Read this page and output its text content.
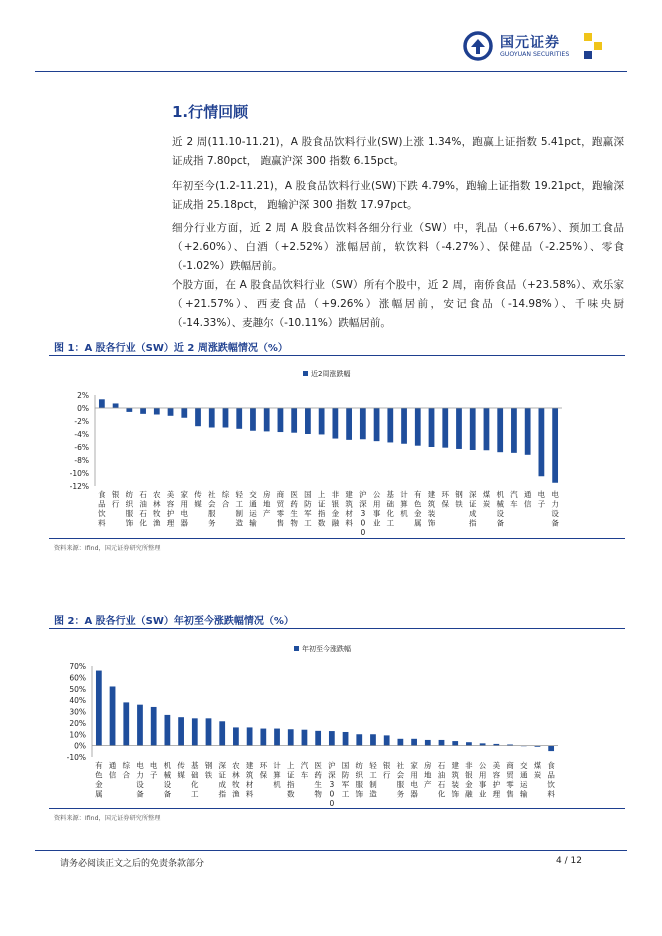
国元证券
GUOYUAN SECURITIES
1.行情回顾

近 2 周(11.10-11.21)，A 股食品饮料行业(SW)上涨 1.34%，跑赢上证指数 5.41pct，跑赢深证成指 7.80pct， 跑赢沪深 300 指数 6.15pct。

年初至今(1.2-11.21)，A 股食品饮料行业(SW)下跌 4.79%，跑输上证指数 19.21pct，跑输深证成指 25.18pct， 跑输沪深 300 指数 17.97pct。

细分行业方面，近 2 周 A 股食品饮料各细分行业（SW）中，乳品（+6.67%）、预加工食品（+2.60%）、白酒（+2.52%）涨幅居前，软饮料（-4.27%）、保健品（-2.25%）、零食（-1.02%）跌幅居前。

个股方面，在 A 股食品饮料行业（SW）所有个股中，近 2 周，南侨食品（+23.58%）、欢乐家（+21.57%）、西麦食品（+9.26%）涨幅居前，安记食品（-14.98%）、千味央厨（-14.33%）、麦趣尔（-10.11%）跌幅居前。

图 1：A 股各行业（SW）近 2 周涨跌幅情况（%）
近2周涨跌幅
2%
0%
-2%
-4%
-6%
-8%
-10%
-12%
食品饮料
银行
纺织服饰
石油石化
农林牧渔
美容护理
家用电器
传媒
社会服务
综合
轻工制造
交通运输
房地产
商贸零售
医药生物
国防军工
上证指数
非银金融
建筑材料
沪深 3 0 0
公用事业
基础化工
计算机
有色金属
建筑装饰
环保
钢铁
深证成指
煤炭
机械设备
汽车
通信
电子
电力设备
资料来源：Ifind，国元证券研究所整理
图 2：A 股各行业（SW）年初至今涨跌幅情况（%）
年初至今涨跌幅
70%
60%
50%
40%
30%
20%
10%
0%
-10%
有色金属
通信
综合
电力设备
电子
机械设备
传媒
基础化工
钢铁
深证成指
农林牧渔
建筑材料
环保
计算机
上证指数
汽车
医药生物
沪深 3 0 0
国防军工
纺织服饰
轻工制造
银行
社会服务
家用电器
房地产
石油石化
建筑装饰
非银金融
公用事业
美容护理
商贸零售
交通运输
煤炭
食品饮料
资料来源：Ifind，国元证券研究所整理
请务必阅读正文之后的免责条款部分	4 / 12
